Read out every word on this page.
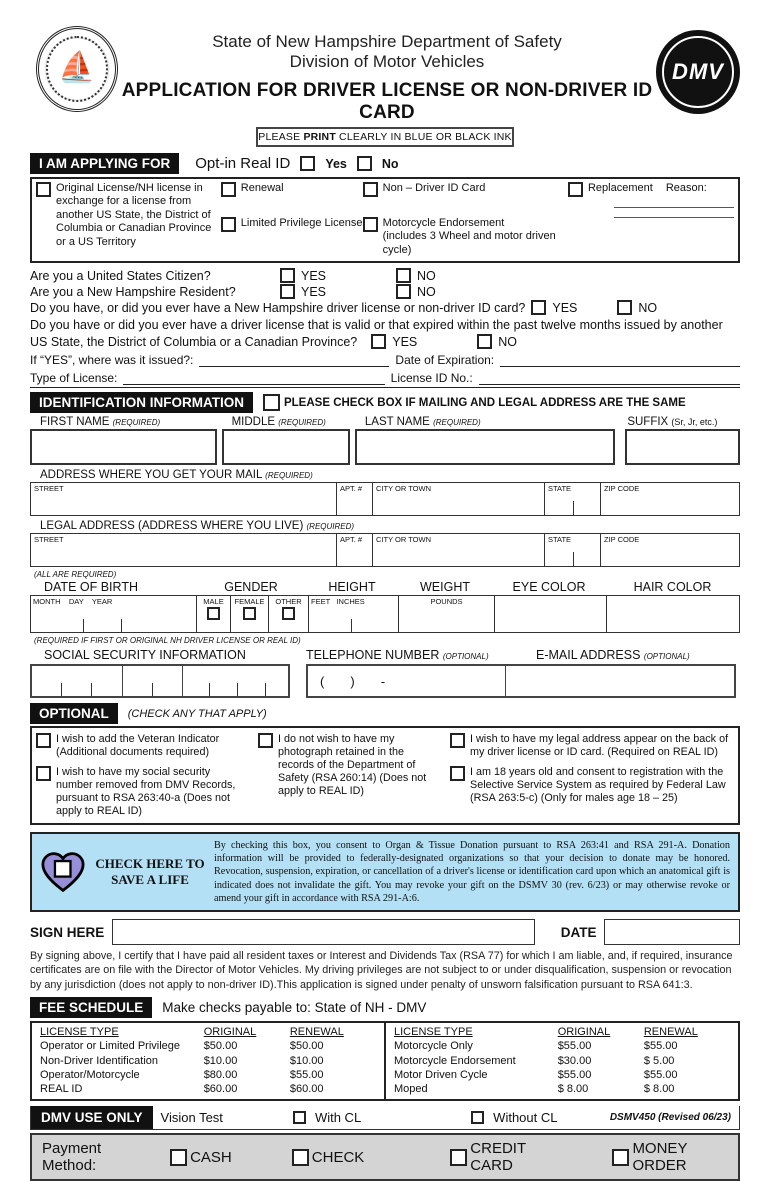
⛵
State of New Hampshire Department of Safety
Division of Motor Vehicles
APPLICATION FOR DRIVER LICENSE OR NON-DRIVER ID CARD
DMV
PLEASE PRINT CLEARLY IN BLUE OR BLACK INK
I AM APPLYING FOR	Opt-in Real ID	Yes	No
Original License/NH license in exchange for a license from another US State, the District of Columbia or Canadian Province or a US Territory
Renewal
Limited Privilege License
Non – Driver ID Card
Motorcycle Endorsement
(includes 3 Wheel and motor driven cycle)
Replacement Reason:
Are you a United States Citizen?	YES	NO
Are you a New Hampshire Resident?	YES	NO
Do you have, or did you ever have a New Hampshire driver license or non-driver ID card? YES	NO
Do you have or did you ever have a driver license that is valid or that expired within the past twelve months issued by another
US State, the District of Columbia or a Canadian Province?	YES	NO
If “YES”, where was it issued?:	Date of Expiration:
Type of License:	License ID No.:
IDENTIFICATION INFORMATION	PLEASE CHECK BOX IF MAILING AND LEGAL ADDRESS ARE THE SAME
FIRST NAME (REQUIRED)	MIDDLE (REQUIRED)	LAST NAME (REQUIRED)	SUFFIX (Sr, Jr, etc.)
ADDRESS WHERE YOU GET YOUR MAIL (REQUIRED)
STREET	APT. #	CITY OR TOWN	STATE	ZIP CODE
LEGAL ADDRESS (ADDRESS WHERE YOU LIVE) (REQUIRED)
STREET	APT. #	CITY OR TOWN	STATE	ZIP CODE
(ALL ARE REQUIRED)
DATE OF BIRTH	GENDER	HEIGHT	WEIGHT	EYE COLOR	HAIR COLOR
MONTH DAY YEAR	MALE FEMALE OTHER	FEET INCHES	POUNDS
(REQUIRED IF FIRST OR ORIGINAL NH DRIVER LICENSE OR REAL ID)
SOCIAL SECURITY INFORMATION	TELEPHONE NUMBER (OPTIONAL)	E-MAIL ADDRESS (OPTIONAL)
( ) -
OPTIONAL	(CHECK ANY THAT APPLY)
I wish to add the Veteran Indicator (Additional documents required)
I wish to have my social security number removed from DMV Records, pursuant to RSA 263:40-a (Does not apply to REAL ID)
I do not wish to have my photograph retained in the records of the Department of Safety (RSA 260:14) (Does not apply to REAL ID)
I wish to have my legal address appear on the back of my driver license or ID card. (Required on REAL ID)
I am 18 years old and consent to registration with the Selective Service System as required by Federal Law (RSA 263:5-c) (Only for males age 18 – 25)
CHECK HERE TO
SAVE A LIFE
By checking this box, you consent to Organ & Tissue Donation pursuant to RSA 263:41 and RSA 291-A. Donation information will be provided to federally-designated organizations so that your decision to donate may be honored. Revocation, suspension, expiration, or cancellation of a driver's license or identification card upon which an anatomical gift is indicated does not invalidate the gift. You may revoke your gift on the DSMV 30 (rev. 6/23) or may otherwise revoke or amend your gift in accordance with RSA 291-A:6.
SIGN HERE	DATE
By signing above, I certify that I have paid all resident taxes or Interest and Dividends Tax (RSA 77) for which I am liable, and, if required, insurance certificates are on file with the Director of Motor Vehicles. My driving privileges are not subject to or under disqualification, suspension or revocation by any jurisdiction (does not apply to non-driver ID).This application is signed under penalty of unsworn falsification pursuant to RSA 641:3.
FEE SCHEDULE	Make checks payable to: State of NH - DMV
LICENSE TYPE	ORIGINAL	RENEWAL
Operator or Limited Privilege	$50.00	$50.00
Non-Driver Identification	$10.00	$10.00
Operator/Motorcycle	$80.00	$55.00
REAL ID	$60.00	$60.00
LICENSE TYPE	ORIGINAL	RENEWAL
Motorcycle Only	$55.00	$55.00
Motorcycle Endorsement	$30.00	$ 5.00
Motor Driven Cycle	$55.00	$55.00
Moped	$ 8.00	$ 8.00
DMV USE ONLY	Vision Test	With CL	Without CL	DSMV450 (Revised 06/23)
Payment Method:	CASH	CHECK	CREDIT CARD
MONEY ORDER
